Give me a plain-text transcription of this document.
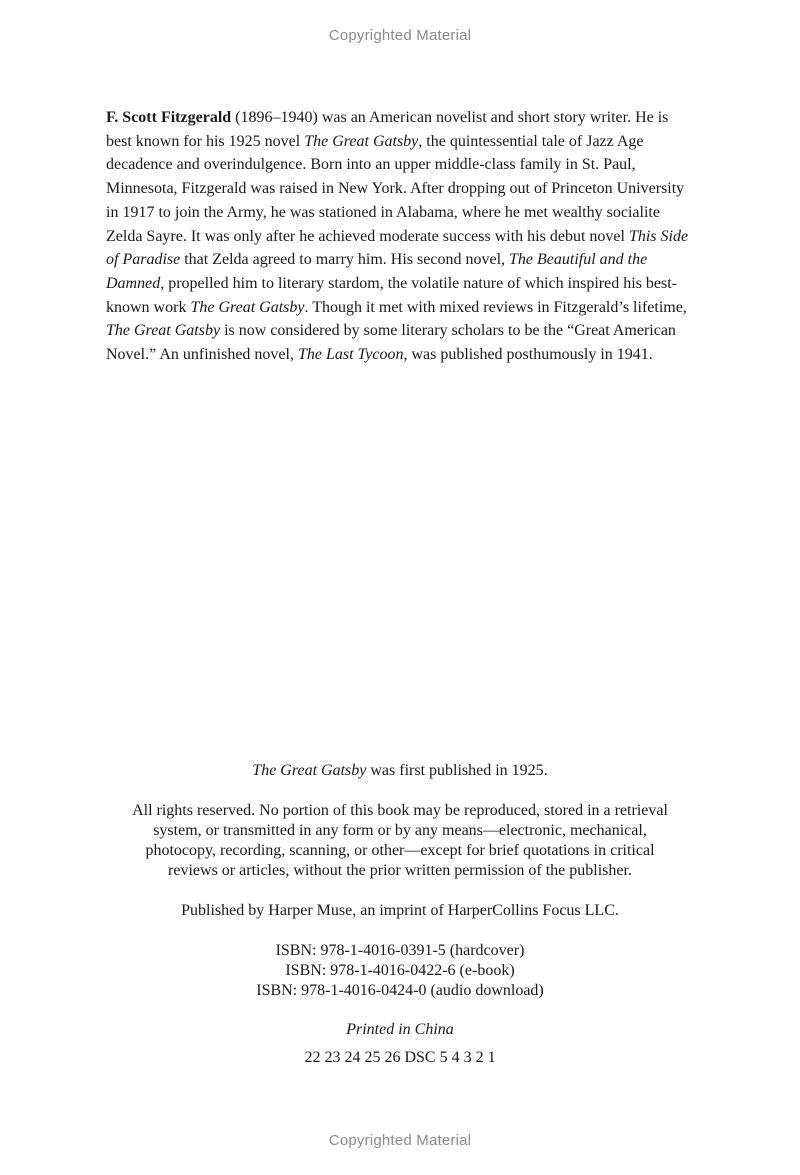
Copyrighted Material

F. Scott Fitzgerald (1896–1940) was an American novelist and short story writer. He is best known for his 1925 novel The Great Gatsby, the quintessential tale of Jazz Age decadence and overindulgence. Born into an upper middle-class family in St. Paul, Minnesota, Fitzgerald was raised in New York. After dropping out of Princeton University in 1917 to join the Army, he was stationed in Alabama, where he met wealthy socialite Zelda Sayre. It was only after he achieved moderate success with his debut novel This Side of Paradise that Zelda agreed to marry him. His second novel, The Beautiful and the Damned, propelled him to literary stardom, the volatile nature of which inspired his best-known work The Great Gatsby. Though it met with mixed reviews in Fitzgerald’s lifetime, The Great Gatsby is now considered by some literary scholars to be the “Great American Novel.” An unfinished novel, The Last Tycoon, was published posthumously in 1941.

The Great Gatsby was first published in 1925.

All rights reserved. No portion of this book may be reproduced, stored in a retrieval
system, or transmitted in any form or by any means—electronic, mechanical,
photocopy, recording, scanning, or other—except for brief quotations in critical
reviews or articles, without the prior written permission of the publisher.

Published by Harper Muse, an imprint of HarperCollins Focus LLC.

ISBN: 978-1-4016-0391-5 (hardcover)
ISBN: 978-1-4016-0422-6 (e-book)
ISBN: 978-1-4016-0424-0 (audio download)

Printed in China

22 23 24 25 26 DSC 5 4 3 2 1

Copyrighted Material
